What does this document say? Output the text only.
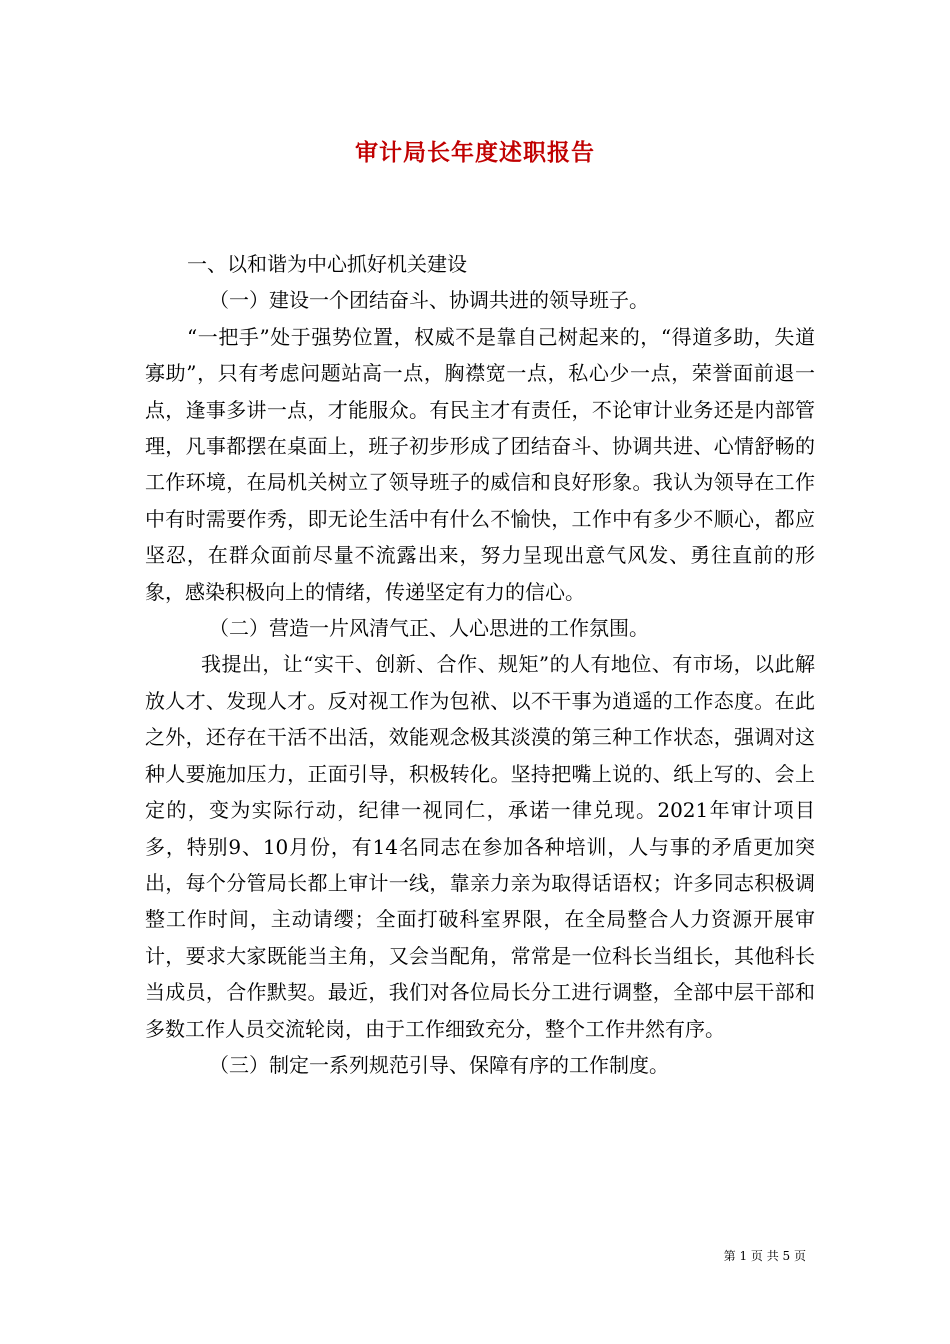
审计局长年度述职报告

一、以和谐为中心抓好机关建设

（一）建设一个团结奋斗、协调共进的领导班子。

“一把手”处于强势位置，权威不是靠自己树起来的，“得道多助，失道寡助”，只有考虑问题站高一点，胸襟宽一点，私心少一点，荣誉面前退一点，逢事多讲一点，才能服众。有民主才有责任，不论审计业务还是内部管理，凡事都摆在桌面上，班子初步形成了团结奋斗、协调共进、心情舒畅的工作环境，在局机关树立了领导班子的威信和良好形象。我认为领导在工作中有时需要作秀，即无论生活中有什么不愉快，工作中有多少不顺心，都应坚忍，在群众面前尽量不流露出来，努力呈现出意气风发、勇往直前的形象，感染积极向上的情绪，传递坚定有力的信心。

（二）营造一片风清气正、人心思进的工作氛围。

我提出，让“实干、创新、合作、规矩”的人有地位、有市场，以此解放人才、发现人才。反对视工作为包袱、以不干事为逍遥的工作态度。在此之外，还存在干活不出活，效能观念极其淡漠的第三种工作状态，强调对这种人要施加压力，正面引导，积极转化。坚持把嘴上说的、纸上写的、会上定的，变为实际行动，纪律一视同仁，承诺一律兑现。2021年审计项目多，特别9、10月份，有14名同志在参加各种培训，人与事的矛盾更加突出，每个分管局长都上审计一线，靠亲力亲为取得话语权；许多同志积极调整工作时间，主动请缨；全面打破科室界限，在全局整合人力资源开展审计，要求大家既能当主角，又会当配角，常常是一位科长当组长，其他科长当成员，合作默契。最近，我们对各位局长分工进行调整，全部中层干部和多数工作人员交流轮岗，由于工作细致充分，整个工作井然有序。

（三）制定一系列规范引导、保障有序的工作制度。

第 1 页 共 5 页
